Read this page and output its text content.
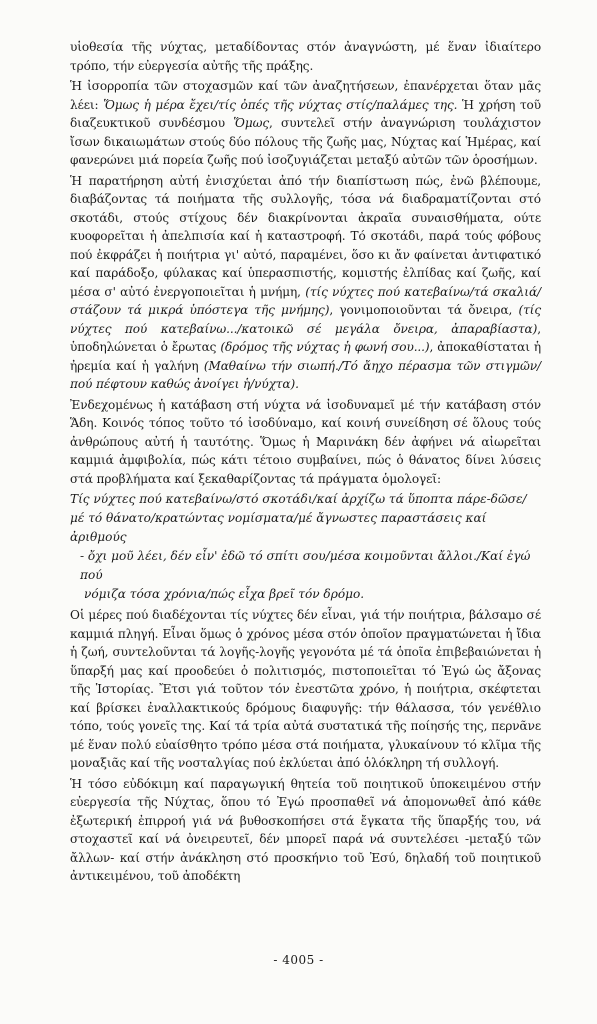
υἱοθεσία τῆς νύχτας, μεταδίδοντας στόν ἀναγνώστη, μέ ἕναν ἰδιαίτερο τρόπο, τήν εὐεργεσία αὐτῆς τῆς πράξης.

Ἡ ἰσορροπία τῶν στοχασμῶν καί τῶν ἀναζητήσεων, ἐπανέρχεται ὅταν μᾶς λέει: Ὅμως ἡ μέρα ἔχει/τίς ὀπές τῆς νύχτας στίς/παλάμες της. Ἡ χρήση τοῦ διαζευκτικοῦ συνδέσμου Ὅμως, συντελεῖ στήν ἀναγνώριση τουλάχιστον ἴσων δικαιωμάτων στούς δύο πόλους τῆς ζωῆς μας, Νύχτας καί Ἡμέρας, καί φανερώνει μιά πορεία ζωῆς πού ἰσοζυγιάζεται μεταξύ αὐτῶν τῶν ὁροσήμων.

Ἡ παρατήρηση αὐτή ἐνισχύεται ἀπό τήν διαπίστωση πώς, ἐνῶ βλέπουμε, διαβάζοντας τά ποιήματα τῆς συλλογῆς, τόσα νά διαδραματίζονται στό σκοτάδι, στούς στίχους δέν διακρίνονται ἀκραῖα συναισθήματα, ούτε κυοφορεῖται ἡ ἀπελπισία καί ἡ καταστροφή. Τό σκοτάδι, παρά τούς φόβους πού ἐκφράζει ἡ ποιήτρια γι' αὐτό, παραμένει, ὅσο κι ἄν φαίνεται ἀντιφατικό καί παράδοξο, φύλακας καί ὑπερασπιστής, κομιστής ἐλπίδας καί ζωῆς, καί μέσα σ' αὐτό ἐνεργοποιεῖται ἡ μνήμη, (τίς νύχτες πού κατεβαίνω/τά σκαλιά/στάζουν τά μικρά ὑπόστεγα τῆς μνήμης), γονιμοποιοῦνται τά ὄνειρα, (τίς νύχτες πού κατεβαίνω.../κατοικῶ σέ μεγάλα ὄνειρα, ἀπαραβίαστα), ὑποδηλώνεται ὁ ἔρωτας (δρόμος τῆς νύχτας ἡ φωνή σου...), ἀποκαθίσταται ἡ ἠρεμία καί ἡ γαλήνη (Μαθαίνω τήν σιωπή./Τό ἄηχο πέρασμα τῶν στιγμῶν/πού πέφτουν καθώς ἀνοίγει ἡ/νύχτα).

Ἐνδεχομένως ἡ κατάβαση στή νύχτα νά ἰσοδυναμεῖ μέ τήν κατάβαση στόν Ἅδη. Κοινός τόπος τοῦτο τό ἰσοδύναμο, καί κοινή συνείδηση σέ ὅλους τούς ἀνθρώπους αὐτή ἡ ταυτότης. Ὅμως ἡ Μαρινάκη δέν ἀφήνει νά αἰωρεῖται καμμιά ἀμφιβολία, πώς κάτι τέτοιο συμβαίνει, πώς ὁ θάνατος δίνει λύσεις στά προβλήματα καί ξεκαθαρίζοντας τά πράγματα ὁμολογεῖ:

Τίς νύχτες πού κατεβαίνω/στό σκοτάδι/καί ἀρχίζω τά ὕποπτα πάρε-δῶσε/
μέ τό θάνατο/κρατώντας νομίσματα/μέ ἄγνωστες παραστάσεις καί ἀριθμούς
- ὄχι μοῦ λέει, δέν εἶν' ἐδῶ τό σπίτι σου/μέσα κοιμοῦνται ἄλλοι./Καί ἐγώ πού
νόμιζα τόσα χρόνια/πώς εἶχα βρεῖ τόν δρόμο.

Οἱ μέρες πού διαδέχονται τίς νύχτες δέν εἶναι, γιά τήν ποιήτρια, βάλσαμο σέ καμμιά πληγή. Εἶναι ὅμως ὁ χρόνος μέσα στόν ὁποῖον πραγματώνεται ἡ ἴδια ἡ ζωή, συντελοῦνται τά λογῆς-λογῆς γεγονότα μέ τά ὁποῖα ἐπιβεβαιώνεται ἡ ὕπαρξή μας καί προοδεύει ὁ πολιτισμός, πιστοποιεῖται τό Ἐγώ ὡς ἄξονας τῆς Ἱστορίας. Ἔτσι γιά τοῦτον τόν ἐνεστῶτα χρόνο, ἡ ποιήτρια, σκέφτεται καί βρίσκει ἐναλλακτικούς δρόμους διαφυγῆς: τήν θάλασσα, τόν γενέθλιο τόπο, τούς γονεῖς της. Καί τά τρία αὐτά συστατικά τῆς ποίησής της, περνᾶνε μέ ἕναν πολύ εὐαίσθητο τρόπο μέσα στά ποιήματα, γλυκαίνουν τό κλῖμα τῆς μοναξιᾶς καί τῆς νοσταλγίας πού ἐκλύεται ἀπό ὁλόκληρη τή συλλογή.

Ἡ τόσο εὐδόκιμη καί παραγωγική θητεία τοῦ ποιητικοῦ ὑποκειμένου στήν εὐεργεσία τῆς Νύχτας, ὅπου τό Ἐγώ προσπαθεῖ νά ἀπομονωθεῖ ἀπό κάθε ἐξωτερική ἐπιρροή γιά νά βυθοσκοπήσει στά ἔγκατα τῆς ὕπαρξής του, νά στοχαστεῖ καί νά ὀνειρευτεῖ, δέν μπορεῖ παρά νά συντελέσει -μεταξύ τῶν ἄλλων- καί στήν ἀνάκληση στό προσκήνιο τοῦ Ἐσύ, δηλαδή τοῦ ποιητικοῦ ἀντικειμένου, τοῦ ἀποδέκτη

- 4005 -
